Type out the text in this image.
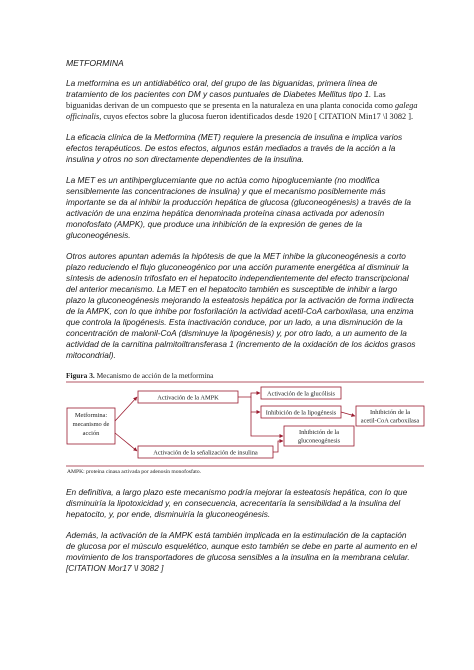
METFORMINA
La metformina es un antidiabético oral, del grupo de las biguanidas, primera línea de tratamiento de los pacientes con DM y casos puntuales de Diabetes Mellitus tipo 1. Las biguanidas derivan de un compuesto que se presenta en la naturaleza en una planta conocida como galega officinalis, cuyos efectos sobre la glucosa fueron identificados desde 1920 [ CITATION Min17 \l 3082 ].
La eficacia clínica de la Metformina (MET) requiere la presencia de insulina e implica varios efectos terapéuticos. De estos efectos, algunos están mediados a través de la acción a la insulina y otros no son directamente dependientes de la insulina.
La MET es un antihiperglucemiante que no actúa como hipoglucemiante (no modifica sensiblemente las concentraciones de insulina) y que el mecanismo posiblemente más importante se da al inhibir la producción hepática de glucosa (gluconeogénesis) a través de la activación de una enzima hepática denominada proteína cinasa activada por adenosín monofosfato (AMPK), que produce una inhibición de la expresión de genes de la gluconeogénesis.
Otros autores apuntan además la hipótesis de que la MET inhibe la gluconeogénesis a corto plazo reduciendo el flujo gluconeogénico por una acción puramente energética al disminuir la síntesis de adenosín trifosfato en el hepatocito independientemente del efecto transcripcional del anterior mecanismo. La MET en el hepatocito también es susceptible de inhibir a largo plazo la gluconeogénesis mejorando la esteatosis hepática por la activación de forma indirecta de la AMPK, con lo que inhibe por fosforilación la actividad acetil-CoA carboxilasa, una enzima que controla la lipogénesis. Esta inactivación conduce, por un lado, a una disminución de la concentración de malonil-CoA (disminuye la lipogénesis) y, por otro lado, a un aumento de la actividad de la carnitina palmitoiltransferasa 1 (incremento de la oxidación de los ácidos grasos mitocondrial).
Figura 3. Mecanismo de acción de la metformina
Metformina:
mecanismo de
acción
Activación de la AMPK
Activación de la señalización de insulina
Activación de la glucólisis
Inhibición de la lipogénesis
Inhibición de la
gluconeogénesis
Inhibición de la
acetil-CoA carboxilasa
AMPK: proteína cinasa activada por adenosín monofosfato.
En definitiva, a largo plazo este mecanismo podría mejorar la esteatosis hepática, con lo que disminuiría la lipotoxicidad y, en consecuencia, acrecentaría la sensibilidad a la insulina del hepatocito, y, por ende, disminuiría la gluconeogénesis.
Además, la activación de la AMPK está también implicada en la estimulación de la captación de glucosa por el músculo esquelético, aunque esto también se debe en parte al aumento en el movimiento de los transportadores de glucosa sensibles a la insulina en la membrana celular. [CITATION Mor17 \l 3082 ]
